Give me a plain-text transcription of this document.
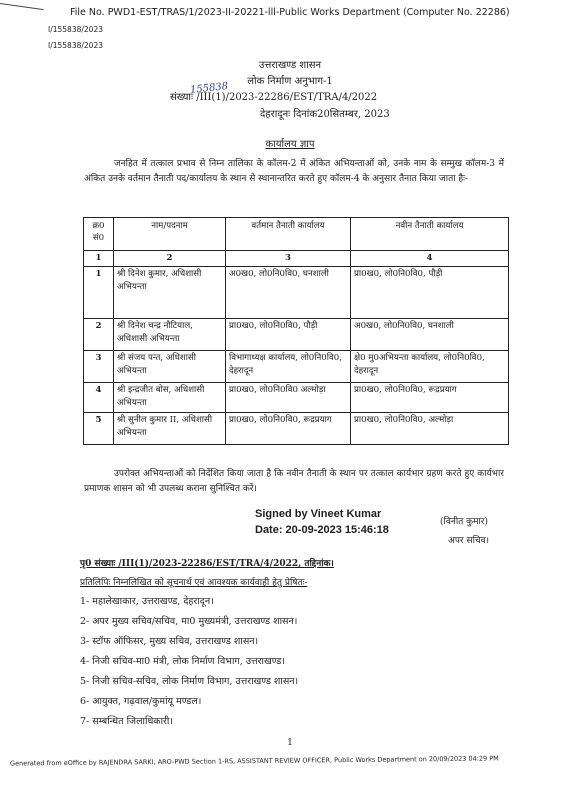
File No. PWD1-EST/TRAS/1/2023-II-20221-lll-Public Works Department (Computer No. 22286)
I/155838/2023
I/155838/2023
उत्तराखण्ड शासन
लोक निर्माण अनुभाग-1
155838
संख्याः /III(1)/2023-22286/EST/TRA/4/2022
देहरादूनः दिनांक20सितम्बर, 2023
कार्यालय ज्ञाप
जनहित में तत्काल प्रभाव से निम्न तालिका के कॉलम-2 में अंकित अभियन्ताओं को, उनके नाम के सम्मुख कॉलम-3 में अंकित उनके वर्तमान तैनाती पद/कार्यालय के स्थान से स्थानान्तरित करते हुए कॉलम-4 के अनुसार तैनात किया जाता हैः-
क्र0 सं0	नाम/पदनाम	वर्तमान तैनाती कार्यालय	नवीन तैनाती कार्यालय
1	2	3	4
1	श्री दिनेश कुमार, अधिशासी अभियन्ता	अ0ख0, लो0नि0वि0, घनशाली	प्रा0ख0, लो0नि0वि0, पौड़ी
2	श्री दिनेश चन्द्र नौटियाल, अधिशासी अभियन्ता	प्रा0ख0, लो0नि0वि0, पौड़ी	अ0ख0, लो0नि0वि0, घनशाली
3	श्री संजय पन्त, अधिशासी अभियन्ता	विभागाध्यक्ष कार्यालय, लो0नि0वि0, देहरादून	क्षे0 मु0अभियन्ता कार्यालय, लो0नि0वि0, देहरादून
4	श्री इन्द्रजीत बोस, अधिशासी अभियन्ता	प्रा0ख0, लो0नि0वि0 अल्मोड़ा	प्रा0ख0, लो0नि0वि0, रूद्रप्रयाग
5	श्री सुनील कुमार II, अधिशासी अभियन्ता	प्रा0ख0, लो0नि0वि0, रूद्रप्रयाग	प्रा0ख0, लो0नि0वि0, अल्मोड़ा
उपरोक्त अभियन्ताओं को निर्देशित किया जाता है कि नवीन तैनाती के स्थान पर तत्काल कार्यभार ग्रहण करते हुए कार्यभार प्रमाणक शासन को भी उपलब्ध कराना सुनिश्चित करें।
Signed by Vineet Kumar
Date: 20-09-2023 15:46:18
(विनीत कुमार)
अपर सचिव।
पृ0 संख्याः /III(1)/2023-22286/EST/TRA/4/2022, तद्दिनांक।
प्रतिलिपिः निम्नलिखित को सूचनार्थ एवं आवश्यक कार्यवाही हेतु प्रेषितः-
1- महालेखाकार, उत्तराखण्ड, देहरादून।
2- अपर मुख्य सचिव/सचिव, मा0 मुख्यमंत्री, उत्तराखण्ड शासन।
3- स्टॉफ ऑफिसर, मुख्य सचिव, उत्तराखण्ड शासन।
4- निजी सचिव-मा0 मंत्री, लोक निर्माण विभाग, उत्तराखण्ड।
5- निजी सचिव-सचिव, लोक निर्माण विभाग, उत्तराखण्ड शासन।
6- आयुक्त, गढ़वाल/कुमांयू मण्डल।
7- सम्बन्धित जिलाधिकारी।
1
Generated from eOffice by RAJENDRA SARKI, ARO-PWD Section 1-RS, ASSISTANT REVIEW OFFICER, Public Works Department on 20/09/2023 04:29 PM
